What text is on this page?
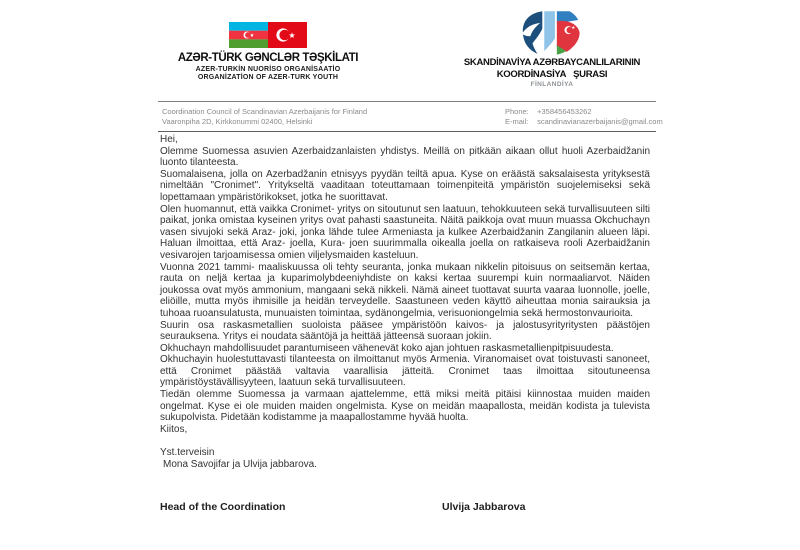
AZƏR-TÜRK GƏNCLƏR TƏŞKİLATI
AZER-TURKİN NUORİSO ORGANİSAATİO
ORGANİZATİON OF AZER-TURK YOUTH
SKANDİNAVİYA AZƏRBAYCANLILARININ
KOORDİNASİYA ŞURASI
FİNLANDİYA
Coordination Council of Scandinavian Azerbaijanis for Finland
Vaaronpiha 2D, Kirkkonummi 02400, Helsinki
Phone: +358456453262
E-mail: scandinavianazerbaijanis@gmail.com

Hei,

Olemme Suomessa asuvien Azerbaidzanlaisten yhdistys. Meillä on pitkään aikaan ollut huoli Azerbaidžanin luonto tilanteesta.

Suomalaisena, jolla on Azerbadžanin etnisyys pyydän teiltä apua. Kyse on eräästä saksalaisesta yrityksestä nimeltään "Cronimet". Yritykseltä vaaditaan toteuttamaan toimenpiteitä ympäristön suojelemiseksi sekä lopettamaan ympäristörikokset, jotka he suorittavat.

Olen huomannut, että vaikka Cronimet- yritys on sitoutunut sen laatuun, tehokkuuteen sekä turvallisuuteen silti paikat, jonka omistaa kyseinen yritys ovat pahasti saastuneita. Näitä paikkoja ovat muun muassa Okchuchayn vasen sivujoki sekä Araz- joki, jonka lähde tulee Armeniasta ja kulkee Azerbaidžanin Zangilanin alueen läpi. Haluan ilmoittaa, että Araz- joella, Kura- joen suurimmalla oikealla joella on ratkaiseva rooli Azerbaidžanin vesivarojen tarjoamisessa omien viljelysmaiden kasteluun.

Vuonna 2021 tammi- maaliskuussa oli tehty seuranta, jonka mukaan nikkelin pitoisuus on seitsemän kertaa, rauta on neljä kertaa ja kuparimolybdeeniyhdiste on kaksi kertaa suurempi kuin normaaliarvot. Näiden joukossa ovat myös ammonium, mangaani sekä nikkeli. Nämä aineet tuottavat suurta vaaraa luonnolle, joelle, eliöille, mutta myös ihmisille ja heidän terveydelle. Saastuneen veden käyttö aiheuttaa monia sairauksia ja tuhoaa ruoansulatusta, munuaisten toimintaa, sydänongelmia, verisuoniongelmia sekä hermostonvaurioita.

Suurin osa raskasmetallien suoloista pääsee ympäristöön kaivos- ja jalostusyrityritysten päästöjen seurauksena. Yritys ei noudata sääntöjä ja heittää jätteensä suoraan jokiin.

Okhuchayn mahdollisuudet parantumiseen vähenevät koko ajan johtuen raskasmetallienpitpisuudesta.

Okhuchayin huolestuttavasti tilanteesta on ilmoittanut myös Armenia. Viranomaiset ovat toistuvasti sanoneet, että Cronimet päästää valtavia vaarallisia jätteitä. Cronimet taas ilmoittaa sitoutuneensa ympäristöystävällisyyteen, laatuun sekä turvallisuuteen.

Tiedän olemme Suomessa ja varmaan ajattelemme, että miksi meitä pitäisi kiinnostaa muiden maiden ongelmat. Kyse ei ole muiden maiden ongelmista. Kyse on meidän maapallosta, meidän kodista ja tulevista sukupolvista. Pidetään kodistamme ja maapallostamme hyvää huolta.

Kiitos,

Yst.terveisin

Mona Savojifar ja Ulvija jabbarova.

Head of the Coordination	Ulvija Jabbarova
